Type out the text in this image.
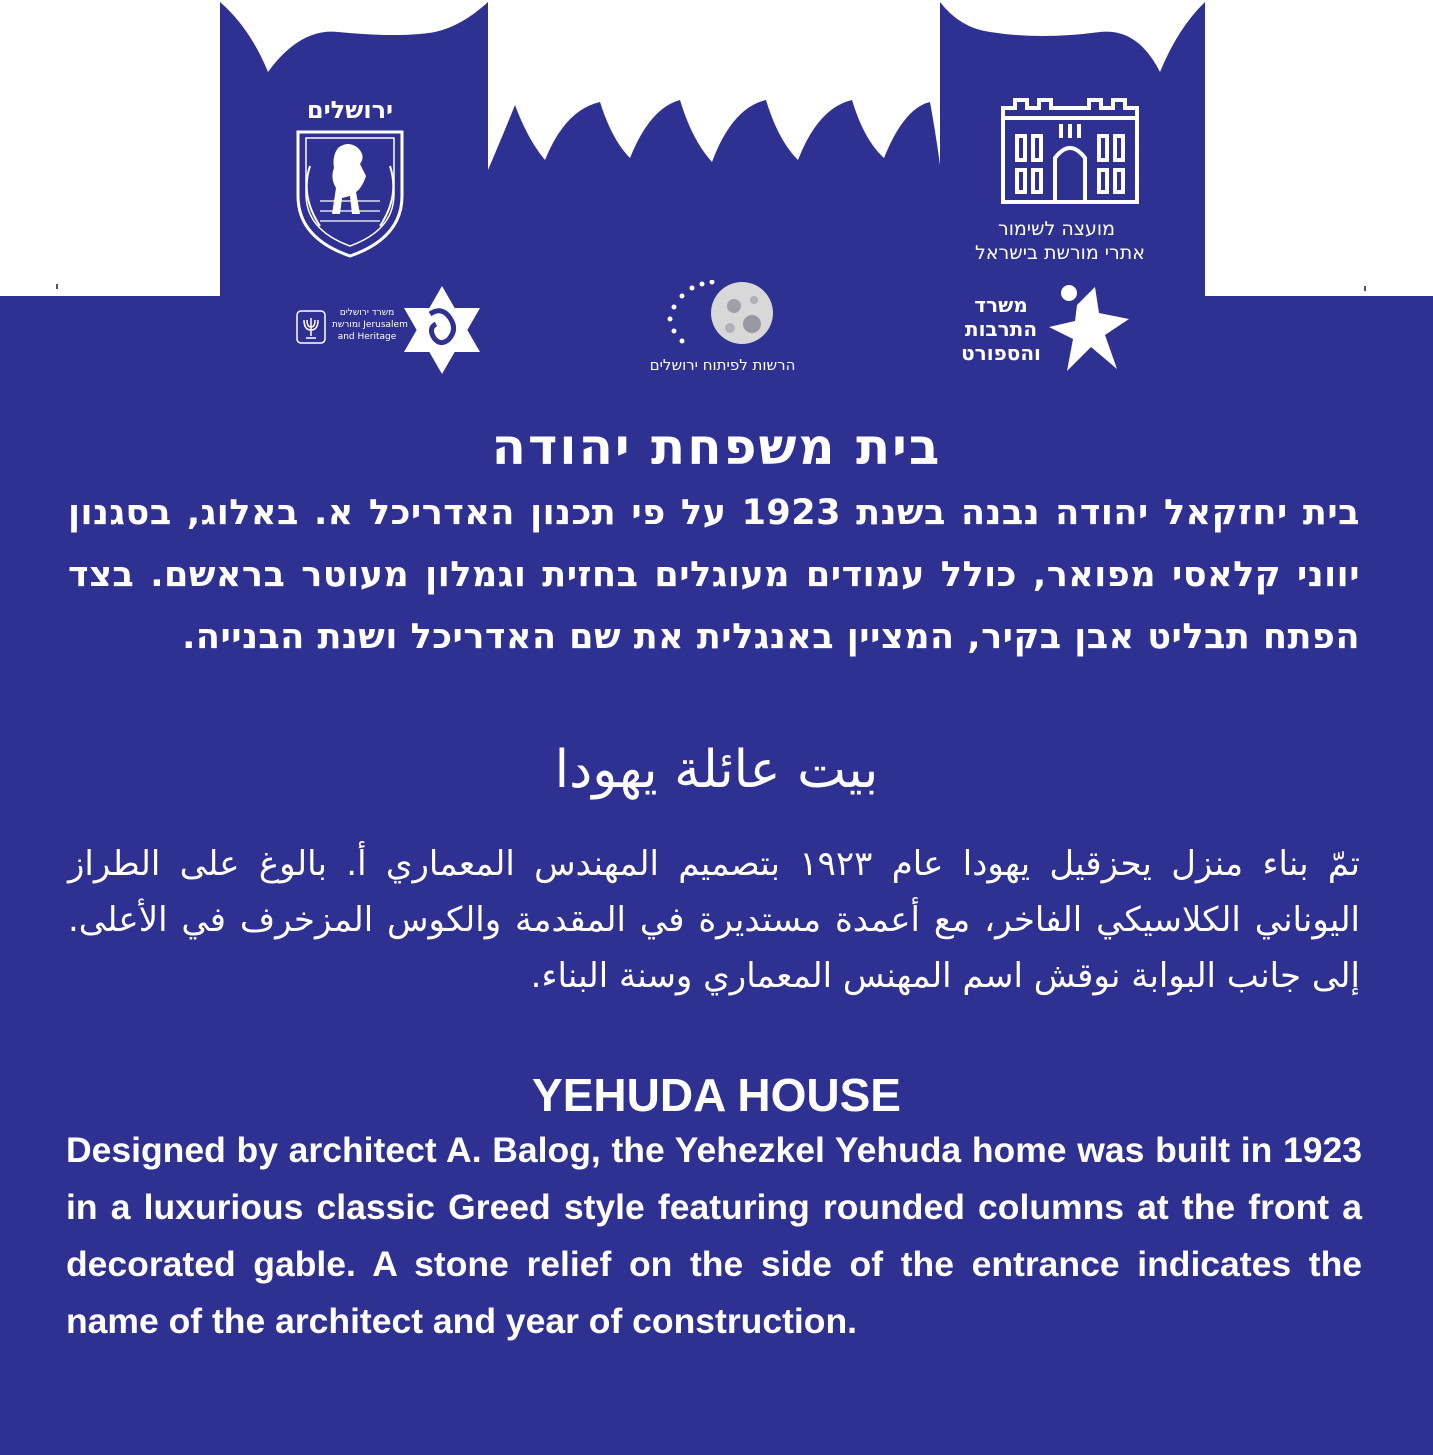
ירושלים
מועצה לשימור
אתרי מורשת בישראל
משרד ירושלים
ומורשת Jerusalem
and Heritage
הרשות לפיתוח ירושלים
משרד
התרבות
והספורט
בית משפחת יהודה
בית יחזקאל יהודה נבנה בשנת 1923 על פי תכנון האדריכל א. באלוג, בסגנון יווני קלאסי מפואר, כולל עמודים מעוגלים בחזית וגמלון מעוטר בראשם. בצד הפתח תבליט אבן בקיר, המציין באנגלית את שם האדריכל ושנת הבנייה.
بيت عائلة يهودا
تمّ بناء منزل يحزقيل يهودا عام ١٩٢٣ بتصميم المهندس المعماري أ. بالوغ على الطراز اليوناني الكلاسيكي الفاخر، مع أعمدة مستديرة في المقدمة والكوس المزخرف في الأعلى. إلى جانب البوابة نوقش اسم المهنس المعماري وسنة البناء.
YEHUDA HOUSE
Designed by architect A. Balog, the Yehezkel Yehuda home was built in 1923 in a luxurious classic Greed style featuring rounded columns at the front a decorated gable. A stone relief on the side of the entrance indicates the name of the architect and year of construction.
